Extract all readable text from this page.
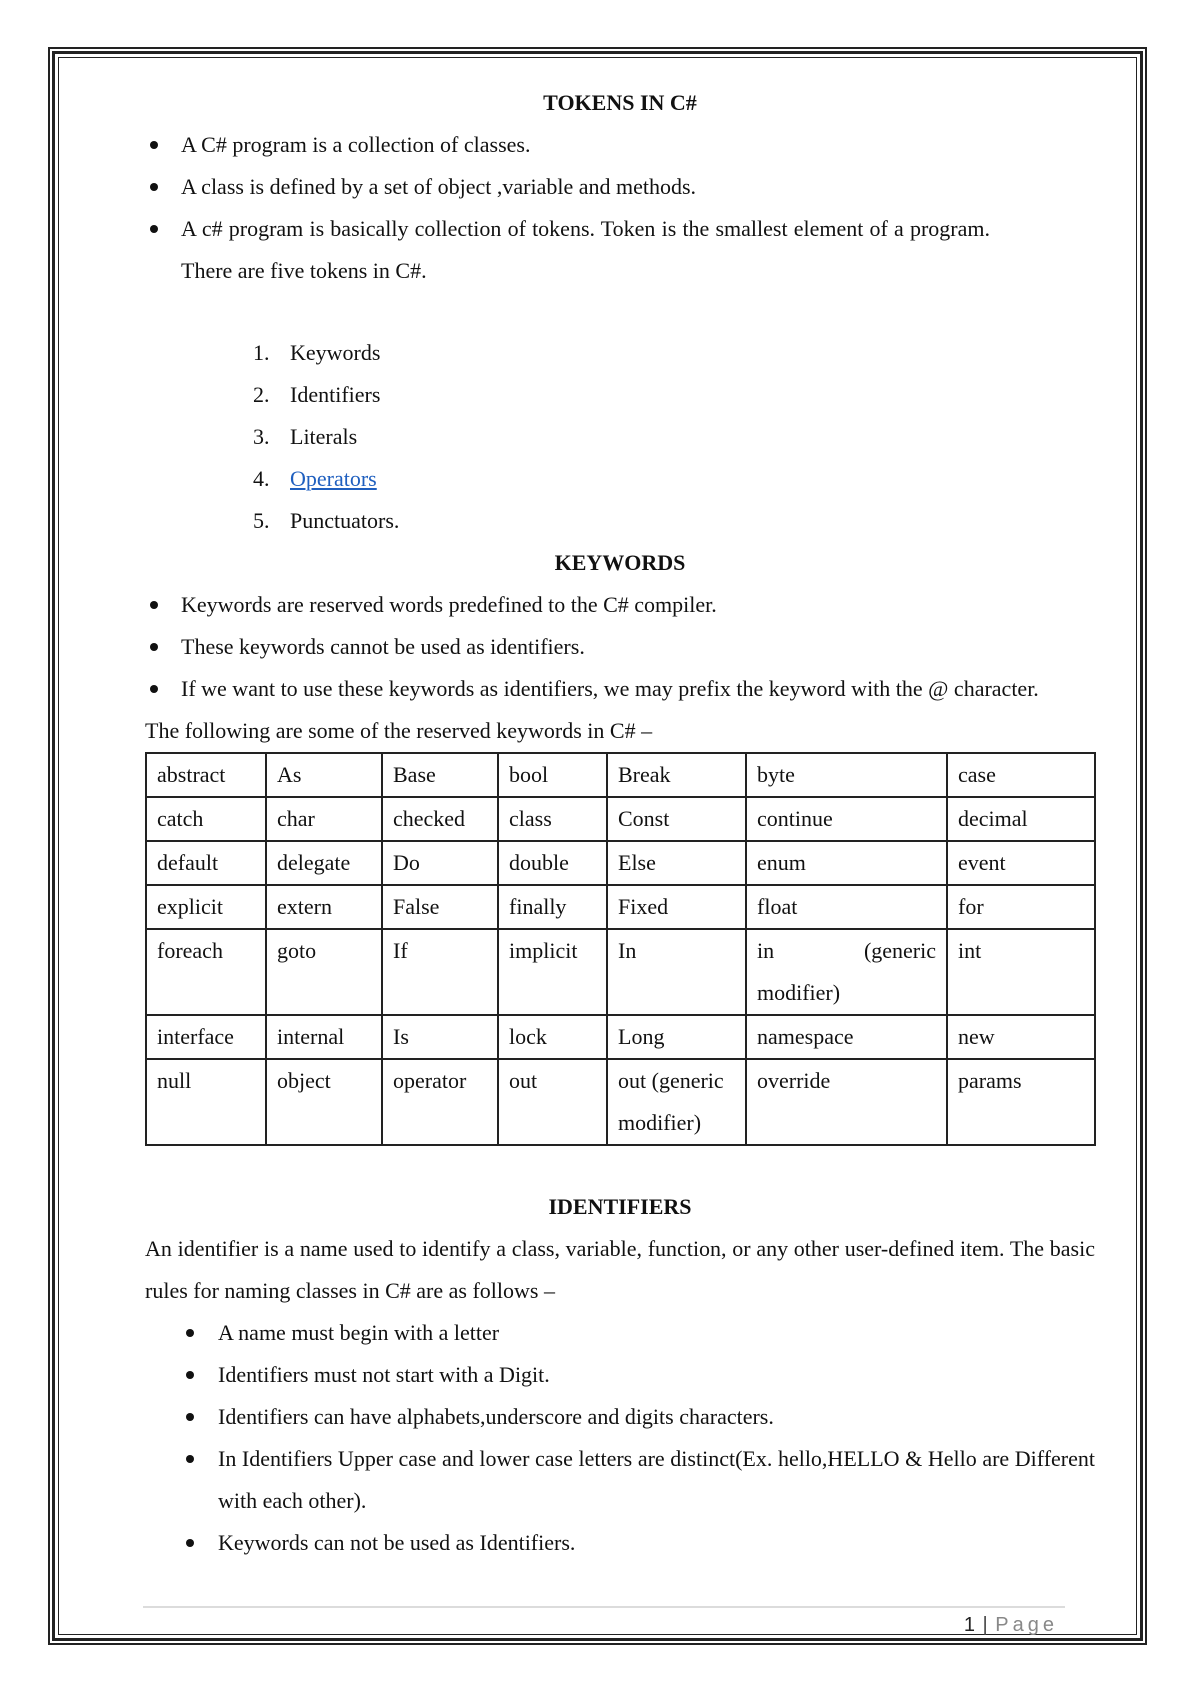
TOKENS IN C#
A C# program is a collection of classes.
A class is defined by a set of object ,variable and methods.
A c# program is basically collection of tokens. Token is the smallest element of a program. There are five tokens in C#.
1. Keywords
2. Identifiers
3. Literals
4. Operators
5. Punctuators.
KEYWORDS
Keywords are reserved words predefined to the C# compiler.
These keywords cannot be used as identifiers.
If we want to use these keywords as identifiers, we may prefix the keyword with the @ character.

The following are some of the reserved keywords in C# –

abstract	As	Base	bool	Break	byte	case
catch	char	checked	class	Const	continue	decimal
default	delegate	Do	double	Else	enum	event
explicit	extern	False	finally	Fixed	float	for
foreach	goto	If	implicit	In	in (generic modifier)	int
interface	internal	Is	lock	Long	namespace	new
null	object	operator	out	out (generic modifier)	override	params
IDENTIFIERS

An identifier is a name used to identify a class, variable, function, or any other user-defined item. The basic rules for naming classes in C# are as follows –

A name must begin with a letter
Identifiers must not start with a Digit.
Identifiers can have alphabets,underscore and digits characters.
In Identifiers Upper case and lower case letters are distinct(Ex. hello,HELLO & Hello are Different with each other).
Keywords can not be used as Identifiers.
1 | Page
